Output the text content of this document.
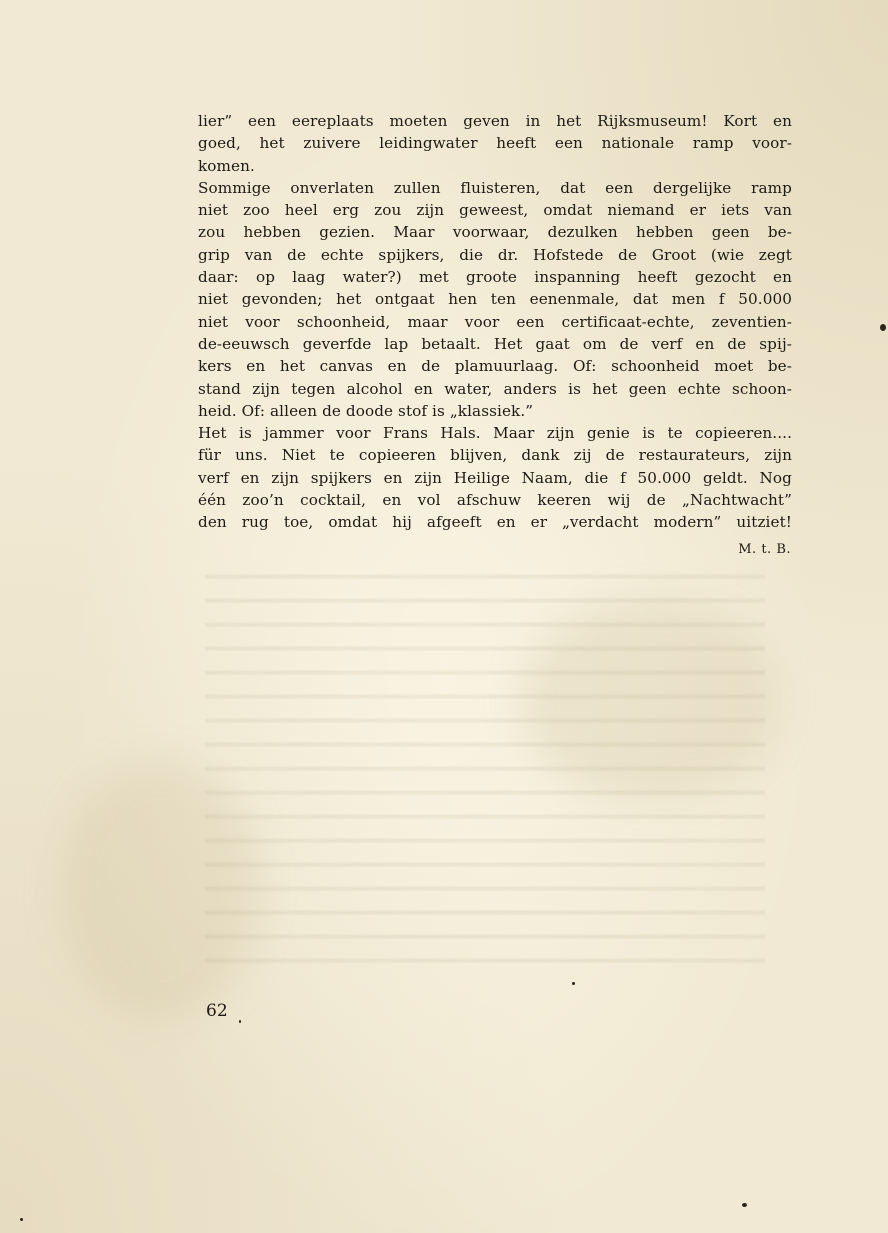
lier” een eereplaats moeten geven in het Rijksmuseum! Kort en
goed, het zuivere leidingwater heeft een nationale ramp voor-
komen.
Sommige onverlaten zullen fluisteren, dat een dergelijke ramp
niet zoo heel erg zou zijn geweest, omdat niemand er iets van
zou hebben gezien. Maar voorwaar, dezulken hebben geen be-
grip van de echte spijkers, die dr. Hofstede de Groot (wie zegt
daar: op laag water?) met groote inspanning heeft gezocht en
niet gevonden; het ontgaat hen ten eenenmale, dat men f 50.000
niet voor schoonheid, maar voor een certificaat-echte, zeventien-
de-eeuwsch geverfde lap betaalt. Het gaat om de verf en de spij-
kers en het canvas en de plamuurlaag. Of: schoonheid moet be-
stand zijn tegen alcohol en water, anders is het geen echte schoon-
heid. Of: alleen de doode stof is „klassiek.”
Het is jammer voor Frans Hals. Maar zijn genie is te copieeren....
für uns. Niet te copieeren blijven, dank zij de restaurateurs, zijn
verf en zijn spijkers en zijn Heilige Naam, die f 50.000 geldt. Nog
één zoo’n cocktail, en vol afschuw keeren wij de „Nachtwacht”
den rug toe, omdat hij afgeeft en er „verdacht modern” uitziet!
M. t. B.
62
